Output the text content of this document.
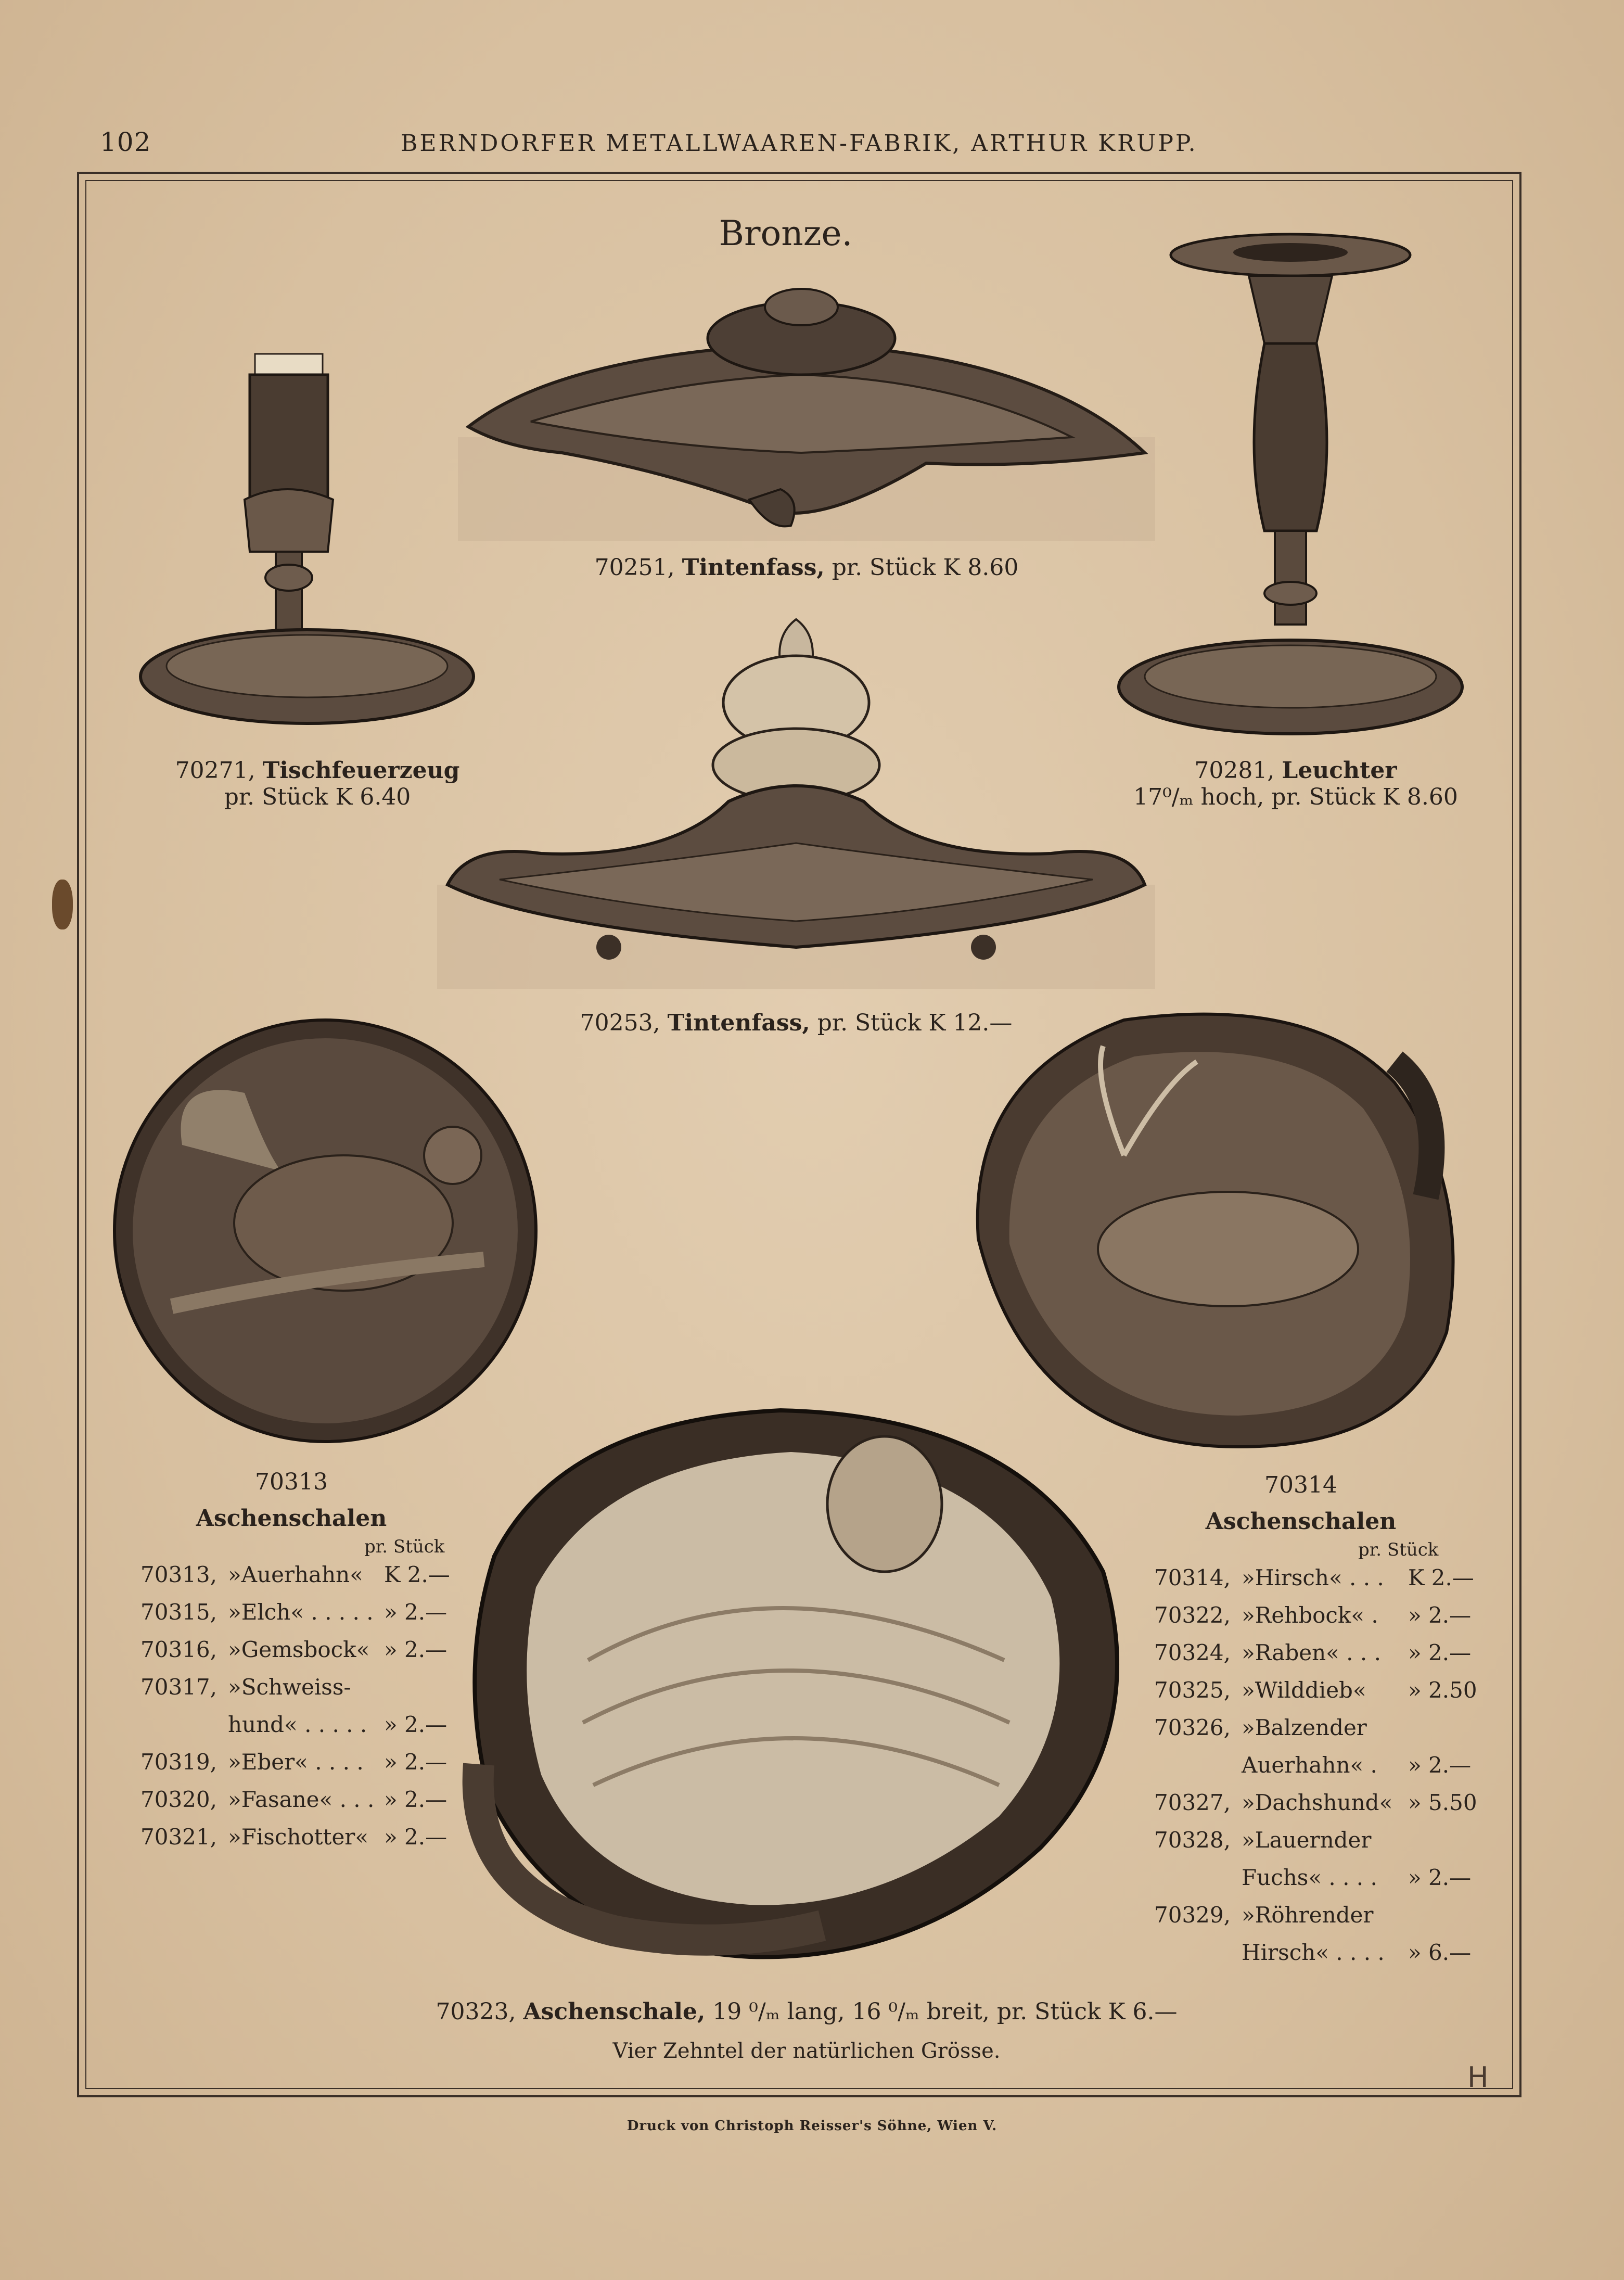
102	BERNDORFER METALLWAAREN-FABRIK, ARTHUR KRUPP.
Bronze.
70251, Tintenfass, pr. Stück K 8.60
70271, Tischfeuerzeug
pr. Stück K 6.40
70281, Leuchter
17⁰/ₘ hoch, pr. Stück K 8.60
70253, Tintenfass, pr. Stück K 12.—
70313
Aschenschalen
pr. Stück
70313, »Auerhahn« K 2.—
70315, »Elch« . . . . . » 2.—
70316, »Gemsbock« » 2.—
70317, »Schweiss-
hund« . . . . . » 2.—
70319, »Eber« . . . . » 2.—
70320, »Fasane« . . . » 2.—
70321, »Fischotter« » 2.—
70314
Aschenschalen
pr. Stück
70314, »Hirsch« . . .	K 2.—
70322, »Rehbock« .	» 2.—
70324, »Raben« . . .	» 2.—
70325, »Wilddieb«	» 2.50
70326, »Balzender
Auerhahn« .	» 2.—
70327, »Dachshund« » 5.50
70328, »Lauernder
Fuchs« . . . .	» 2.—
70329, »Röhrender
Hirsch« . . . .	» 6.—
70323, Aschenschale, 19 ⁰/ₘ lang, 16 ⁰/ₘ breit, pr. Stück K 6.—
Vier Zehntel der natürlichen Grösse.
H
Druck von Christoph Reisser's Söhne, Wien V.
